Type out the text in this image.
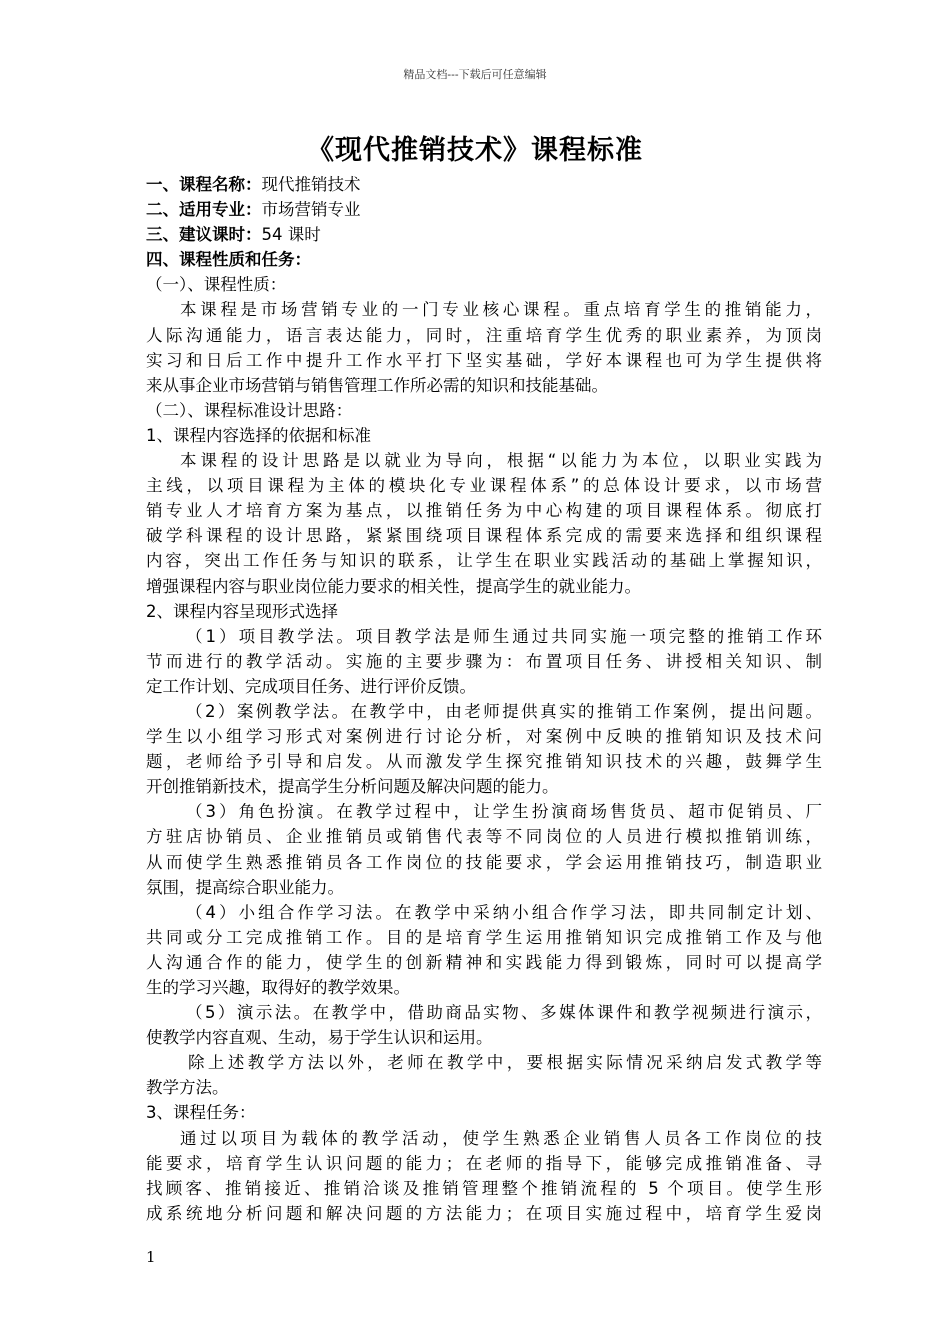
精品文档---下载后可任意编辑
《现代推销技术》课程标准
一、课程名称：现代推销技术
二、适用专业：市场营销专业
三、建议课时：54 课时
四、课程性质和任务：
（一）、课程性质：
本课程是市场营销专业的一门专业核心课程。重点培育学生的推销能力，
人际沟通能力，语言表达能力，同时，注重培育学生优秀的职业素养，为顶岗
实习和日后工作中提升工作水平打下坚实基础，学好本课程也可为学生提供将
来从事企业市场营销与销售管理工作所必需的知识和技能基础。
（二）、课程标准设计思路：
1、课程内容选择的依据和标准
本课程的设计思路是以就业为导向，根据“以能力为本位，以职业实践为
主线，以项目课程为主体的模块化专业课程体系”的总体设计要求，以市场营
销专业人才培育方案为基点，以推销任务为中心构建的项目课程体系。彻底打
破学科课程的设计思路，紧紧围绕项目课程体系完成的需要来选择和组织课程
内容，突出工作任务与知识的联系，让学生在职业实践活动的基础上掌握知识，
增强课程内容与职业岗位能力要求的相关性，提高学生的就业能力。
2、课程内容呈现形式选择
（1）项目教学法。项目教学法是师生通过共同实施一项完整的推销工作环
节而进行的教学活动。实施的主要步骤为：布置项目任务、讲授相关知识、制
定工作计划、完成项目任务、进行评价反馈。
（2）案例教学法。在教学中，由老师提供真实的推销工作案例，提出问题。
学生以小组学习形式对案例进行讨论分析，对案例中反映的推销知识及技术问
题，老师给予引导和启发。从而激发学生探究推销知识技术的兴趣，鼓舞学生
开创推销新技术，提高学生分析问题及解决问题的能力。
（3）角色扮演。在教学过程中，让学生扮演商场售货员、超市促销员、厂
方驻店协销员、企业推销员或销售代表等不同岗位的人员进行模拟推销训练，
从而使学生熟悉推销员各工作岗位的技能要求，学会运用推销技巧，制造职业
氛围，提高综合职业能力。
（4）小组合作学习法。在教学中采纳小组合作学习法，即共同制定计划、
共同或分工完成推销工作。目的是培育学生运用推销知识完成推销工作及与他
人沟通合作的能力，使学生的创新精神和实践能力得到锻炼，同时可以提高学
生的学习兴趣，取得好的教学效果。
（5）演示法。在教学中，借助商品实物、多媒体课件和教学视频进行演示，
使教学内容直观、生动，易于学生认识和运用。
除上述教学方法以外，老师在教学中，要根据实际情况采纳启发式教学等
教学方法。
3、课程任务：
通过以项目为载体的教学活动，使学生熟悉企业销售人员各工作岗位的技
能要求，培育学生认识问题的能力；在老师的指导下，能够完成推销准备、寻
找顾客、推销接近、推销洽谈及推销管理整个推销流程的 5 个项目。使学生形
成系统地分析问题和解决问题的方法能力；在项目实施过程中，培育学生爱岗
1
